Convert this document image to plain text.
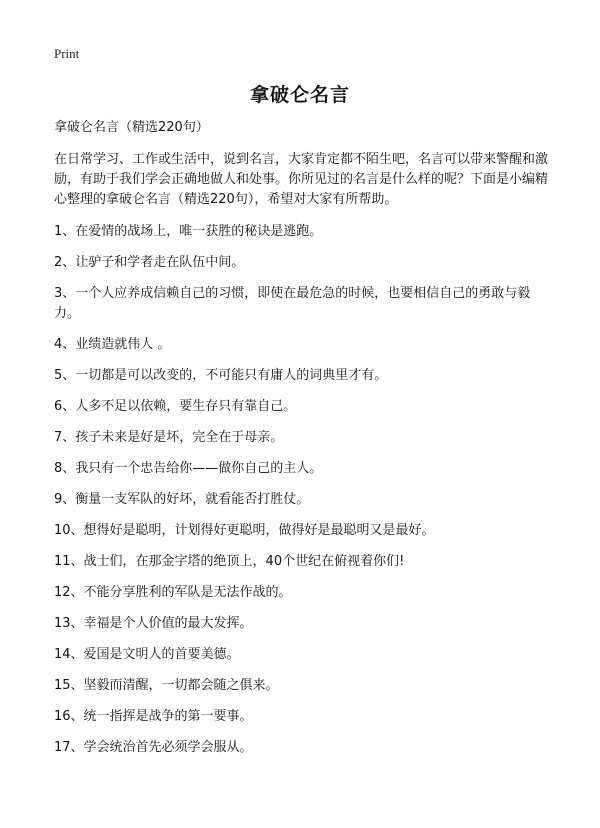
Print
拿破仑名言

拿破仑名言（精选220句）

在日常学习、工作或生活中，说到名言，大家肯定都不陌生吧，名言可以带来警醒和激励，有助于我们学会正确地做人和处事。你所见过的名言是什么样的呢？下面是小编精心整理的拿破仑名言（精选220句），希望对大家有所帮助。

1、在爱情的战场上，唯一获胜的秘诀是逃跑。
2、让驴子和学者走在队伍中间。
3、一个人应养成信赖自己的习惯，即使在最危急的时候，也要相信自己的勇敢与毅力。
4、业绩造就伟人 。
5、一切都是可以改变的，不可能只有庸人的词典里才有。
6、人多不足以依赖，要生存只有靠自己。
7、孩子未来是好是坏，完全在于母亲。
8、我只有一个忠告给你——做你自己的主人。
9、衡量一支军队的好坏，就看能否打胜仗。
10、想得好是聪明，计划得好更聪明，做得好是最聪明又是最好。
11、战士们，在那金字塔的绝顶上，40个世纪在俯视着你们!
12、不能分享胜利的军队是无法作战的。
13、幸福是个人价值的最大发挥。
14、爱国是文明人的首要美德。
15、坚毅而清醒，一切都会随之俱来。
16、统一指挥是战争的第一要事。
17、学会统治首先必须学会服从。
